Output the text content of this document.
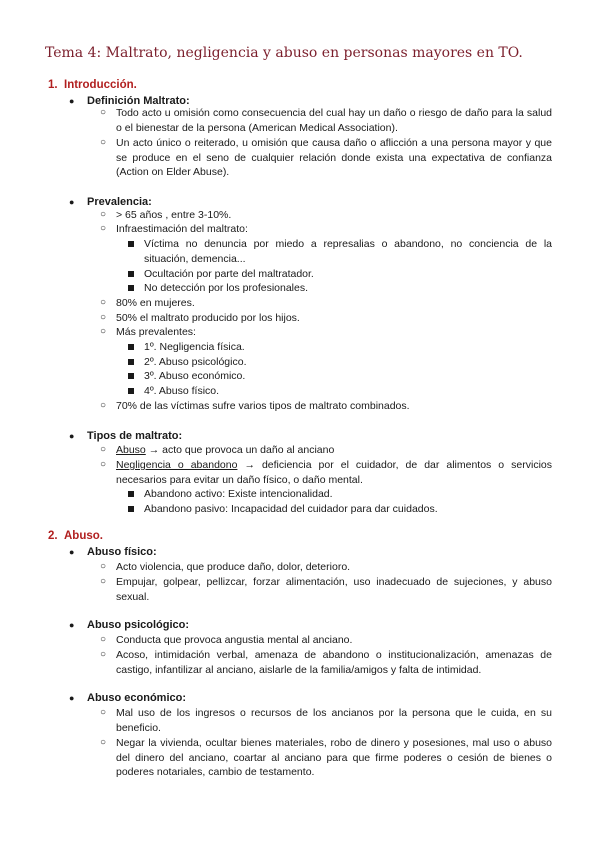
Tema 4: Maltrato, negligencia y abuso en personas mayores en TO.
1. Introducción.
● Definición Maltrato:
○ Todo acto u omisión como consecuencia del cual hay un daño o riesgo de daño para la salud o el bienestar de la persona (American Medical Association).
○ Un acto único o reiterado, u omisión que causa daño o aflicción a una persona mayor y que se produce en el seno de cualquier relación donde exista una expectativa de confianza (Action on Elder Abuse).
● Prevalencia:
○ > 65 años , entre 3-10%.
○ Infraestimación del maltrato:
Víctima no denuncia por miedo a represalias o abandono, no conciencia de la situación, demencia...
Ocultación por parte del maltratador.
No detección por los profesionales.
○ 80% en mujeres.
○ 50% el maltrato producido por los hijos.
○ Más prevalentes:
1º. Negligencia física.
2º. Abuso psicológico.
3º. Abuso económico.
4º. Abuso físico.
○ 70% de las víctimas sufre varios tipos de maltrato combinados.
● Tipos de maltrato:
○ Abuso → acto que provoca un daño al anciano
○ Negligencia o abandono → deficiencia por el cuidador, de dar alimentos o servicios necesarios para evitar un daño físico, o daño mental.
Abandono activo: Existe intencionalidad.
Abandono pasivo: Incapacidad del cuidador para dar cuidados.
2. Abuso.
● Abuso físico:
○ Acto violencia, que produce daño, dolor, deterioro.
○ Empujar, golpear, pellizcar, forzar alimentación, uso inadecuado de sujeciones, y abuso sexual.
● Abuso psicológico:
○ Conducta que provoca angustia mental al anciano.
○ Acoso, intimidación verbal, amenaza de abandono o institucionalización, amenazas de castigo, infantilizar al anciano, aislarle de la familia/amigos y falta de intimidad.
● Abuso económico:
○ Mal uso de los ingresos o recursos de los ancianos por la persona que le cuida, en su beneficio.
○ Negar la vivienda, ocultar bienes materiales, robo de dinero y posesiones, mal uso o abuso del dinero del anciano, coartar al anciano para que firme poderes o cesión de bienes o poderes notariales, cambio de testamento.
